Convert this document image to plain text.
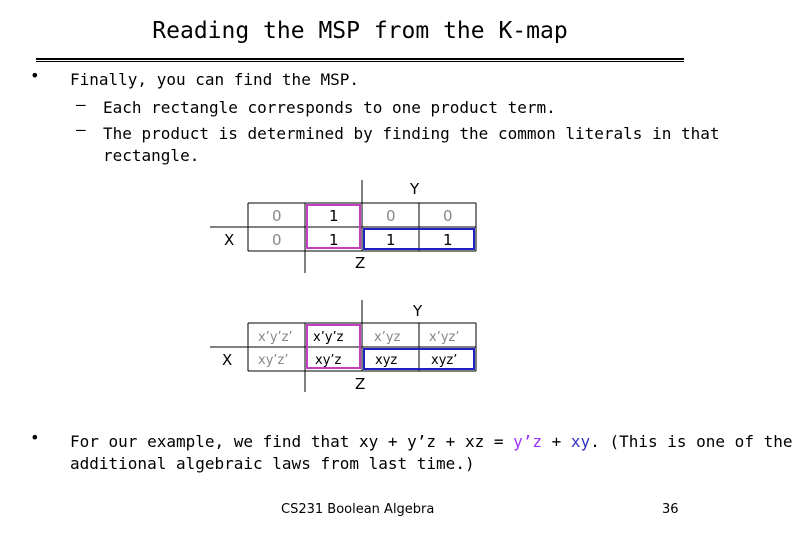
Reading the MSP from the K-map
• Finally, you can find the MSP.
– Each rectangle corresponds to one product term.
– The product is determined by finding the common literals in that
rectangle.
X
Y
Z
0	1	0	0
0	1	1	1
X
Y
Z
x’y’z’ x’y’z x’yz x’yz’
xy’z’ xy’z	xyz	xyz’
• For our example, we find that xy + y’z + xz = y’z + xy. (This is one of the
additional algebraic laws from last time.)
CS231 Boolean Algebra	36
